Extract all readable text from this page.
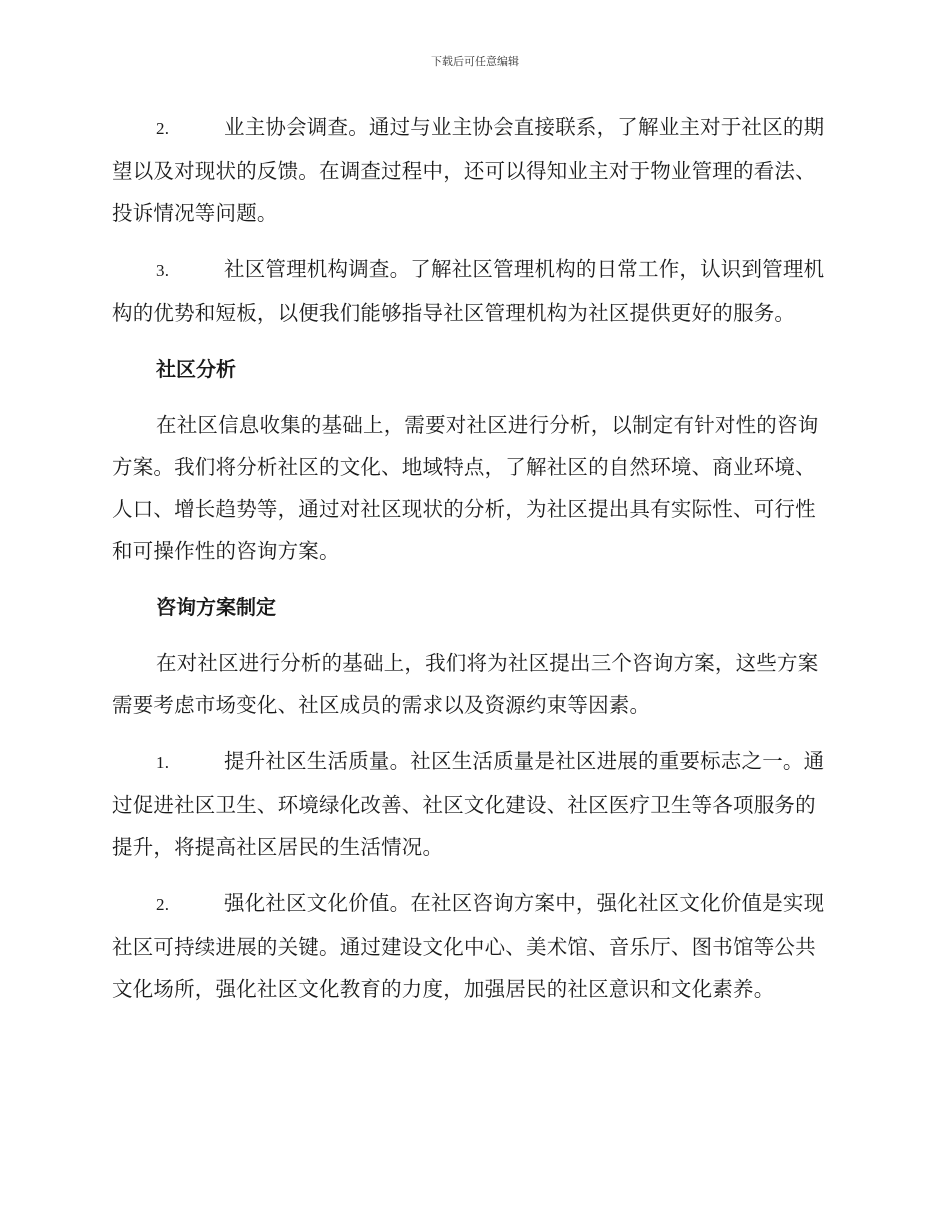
下载后可任意编辑

2.	业主协会调查。通过与业主协会直接联系，了解业主对于社区的期望以及对现状的反馈。在调查过程中，还可以得知业主对于物业管理的看法、投诉情况等问题。

3.	社区管理机构调查。了解社区管理机构的日常工作，认识到管理机构的优势和短板，以便我们能够指导社区管理机构为社区提供更好的服务。

社区分析

在社区信息收集的基础上，需要对社区进行分析，以制定有针对性的咨询方案。我们将分析社区的文化、地域特点，了解社区的自然环境、商业环境、人口、增长趋势等，通过对社区现状的分析，为社区提出具有实际性、可行性和可操作性的咨询方案。

咨询方案制定

在对社区进行分析的基础上，我们将为社区提出三个咨询方案，这些方案需要考虑市场变化、社区成员的需求以及资源约束等因素。

1.	提升社区生活质量。社区生活质量是社区进展的重要标志之一。通过促进社区卫生、环境绿化改善、社区文化建设、社区医疗卫生等各项服务的提升，将提高社区居民的生活情况。

2.	强化社区文化价值。在社区咨询方案中，强化社区文化价值是实现社区可持续进展的关键。通过建设文化中心、美术馆、音乐厅、图书馆等公共文化场所，强化社区文化教育的力度，加强居民的社区意识和文化素养。
